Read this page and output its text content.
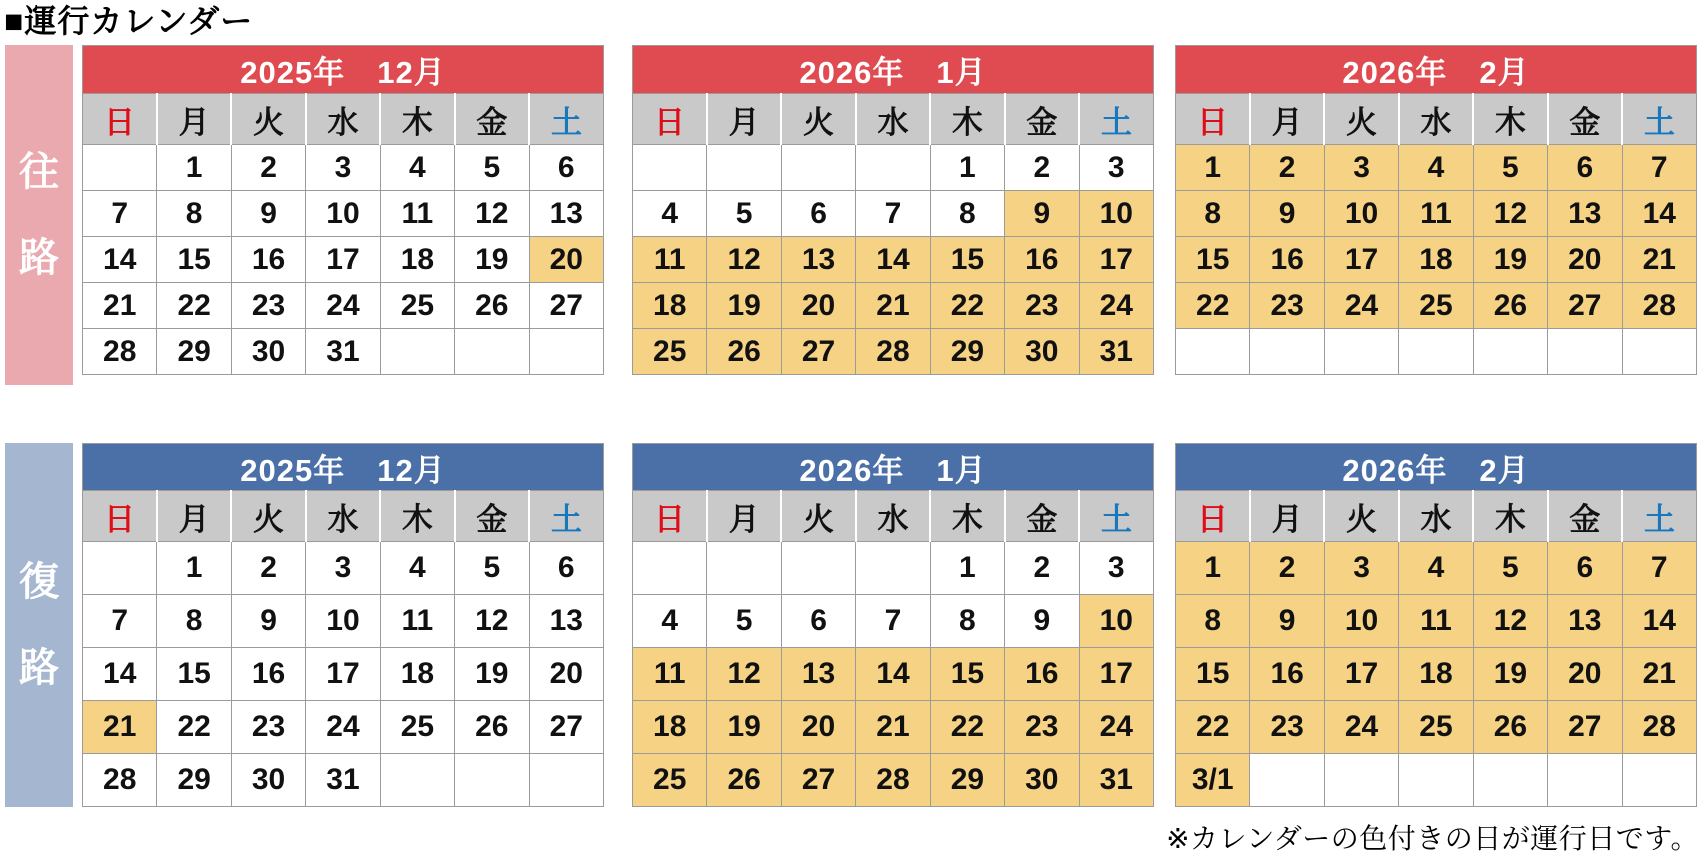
■運行カレンダー
往
路
2025年　12月						
日	月	火	水	木	金	土
	1	2	3	4	5	6
7	8	9	10	11	12	13
14	15	16	17	18	19	20
21	22	23	24	25	26	27
28	29	30	31			
2026年　1月						
日	月	火	水	木	金	土
				1	2	3
4	5	6	7	8	9	10
11	12	13	14	15	16	17
18	19	20	21	22	23	24
25	26	27	28	29	30	31
2026年　2月						
日	月	火	水	木	金	土
1	2	3	4	5	6	7
8	9	10	11	12	13	14
15	16	17	18	19	20	21
22	23	24	25	26	27	28

復
路
2025年　12月						
日	月	火	水	木	金	土
	1	2	3	4	5	6
7	8	9	10	11	12	13
14	15	16	17	18	19	20
21	22	23	24	25	26	27
28	29	30	31			
2026年　1月						
日	月	火	水	木	金	土
				1	2	3
4	5	6	7	8	9	10
11	12	13	14	15	16	17
18	19	20	21	22	23	24
25	26	27	28	29	30	31
2026年　2月						
日	月	火	水	木	金	土
1	2	3	4	5	6	7
8	9	10	11	12	13	14
15	16	17	18	19	20	21
22	23	24	25	26	27	28
3/1						
※カレンダーの色付きの日が運行日です。
